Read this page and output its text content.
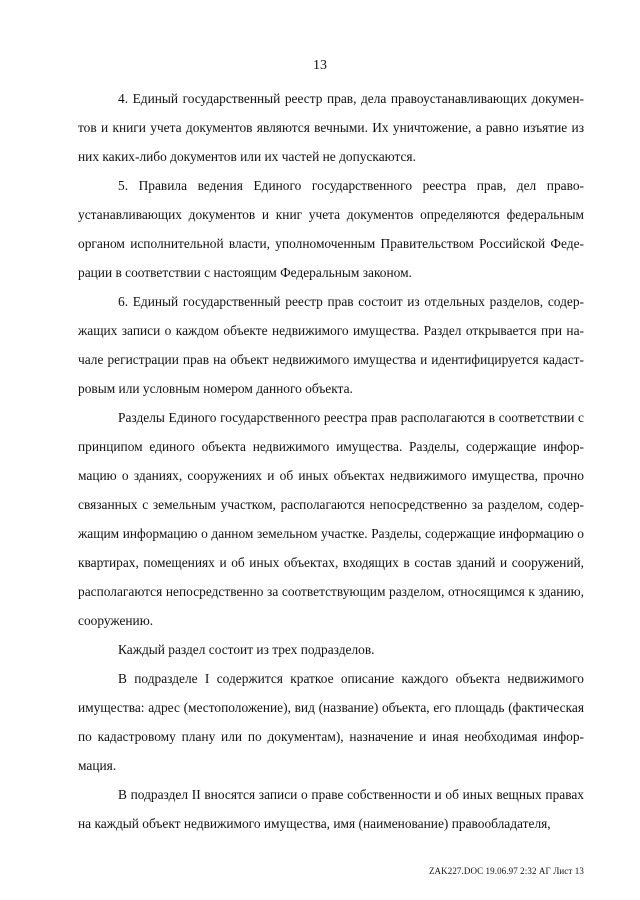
13

4. Единый государственный реестр прав, дела правоустанавливающих документов и книги учета документов являются вечными. Их уничтожение, а равно изъятие из них каких-либо документов или их частей не допускаются.

5. Правила ведения Единого государственного реестра прав, дел правоустанавливающих документов и книг учета документов определяются федеральным органом исполнительной власти, уполномоченным Правительством Российской Федерации в соответствии с настоящим Федеральным законом.

6. Единый государственный реестр прав состоит из отдельных разделов, содержащих записи о каждом объекте недвижимого имущества. Раздел открывается при начале регистрации прав на объект недвижимого имущества и идентифицируется кадастровым или условным номером данного объекта.

Разделы Единого государственного реестра прав располагаются в соответствии с принципом единого объекта недвижимого имущества. Разделы, содержащие информацию о зданиях, сооружениях и об иных объектах недвижимого имущества, прочно связанных с земельным участком, располагаются непосредственно за разделом, содержащим информацию о данном земельном участке. Разделы, содержащие информацию о квартирах, помещениях и об иных объектах, входящих в состав зданий и сооружений, располагаются непосредственно за соответствующим разделом, относящимся к зданию, сооружению.

Каждый раздел состоит из трех подразделов.

В подразделе I содержится краткое описание каждого объекта недвижимого имущества: адрес (местоположение), вид (название) объекта, его площадь (фактическая по кадастровому плану или по документам), назначение и иная необходимая информация.

В подраздел II вносятся записи о праве собственности и об иных вещных правах на каждый объект недвижимого имущества, имя (наименование) правообладателя,

ZAK227.DOC 19.06.97 2:32 АГ Лист 13
